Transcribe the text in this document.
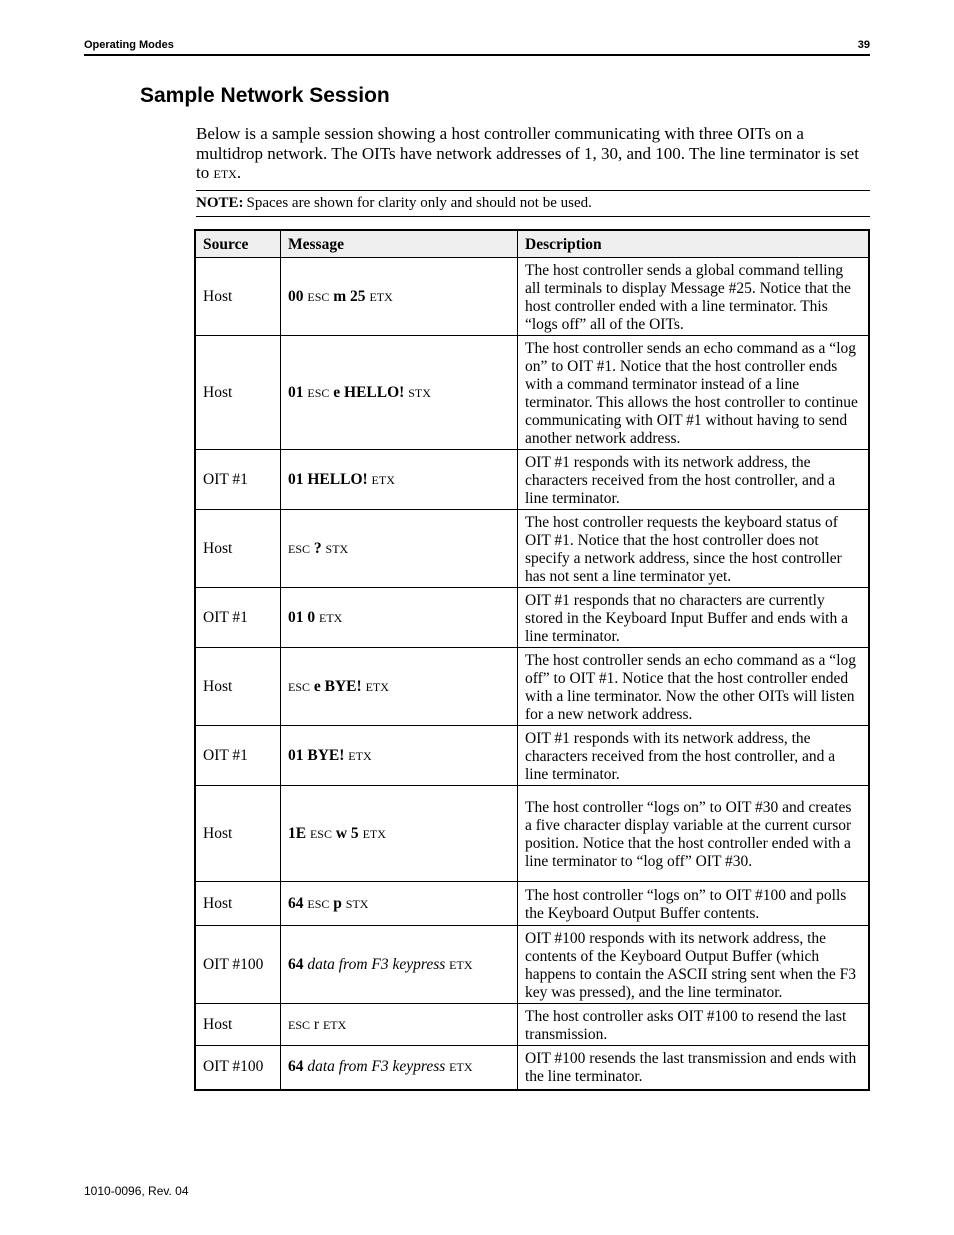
Operating Modes	39
Sample Network Session

Below is a sample session showing a host controller communicating with three OITs on a multidrop network. The OITs have network addresses of 1, 30, and 100. The line terminator is set to ETX.

NOTE: Spaces are shown for clarity only and should not be used.
Source	Message	Description
Host	00 ESC m 25 ETX	The host controller sends a global command telling all terminals to display Message #25. Notice that the host controller ended with a line terminator. This “logs off” all of the OITs.
Host	01 ESC e HELLO! STX	The host controller sends an echo command as a “log on” to OIT #1. Notice that the host controller ends with a command terminator instead of a line terminator. This allows the host controller to continue communicating with OIT #1 without having to send another network address.
OIT #1	01 HELLO! ETX	OIT #1 responds with its network address, the characters received from the host controller, and a line terminator.
Host	ESC ? STX	The host controller requests the keyboard status of OIT #1. Notice that the host controller does not specify a network address, since the host controller has not sent a line terminator yet.
OIT #1	01 0 ETX	OIT #1 responds that no characters are currently stored in the Keyboard Input Buffer and ends with a line terminator.
Host	ESC e BYE! ETX	The host controller sends an echo command as a “log off” to OIT #1. Notice that the host controller ended with a line terminator. Now the other OITs will listen for a new network address.
OIT #1	01 BYE! ETX	OIT #1 responds with its network address, the characters received from the host controller, and a line terminator.
Host	1E ESC w 5 ETX	The host controller “logs on” to OIT #30 and creates a five character display variable at the current cursor position. Notice that the host controller ended with a line terminator to “log off” OIT #30.
Host	64 ESC p STX	The host controller “logs on” to OIT #100 and polls the Keyboard Output Buffer contents.
OIT #100	64 data from F3 keypress ETX	OIT #100 responds with its network address, the contents of the Keyboard Output Buffer (which happens to contain the ASCII string sent when the F3 key was pressed), and the line terminator.
Host	ESC r ETX	The host controller asks OIT #100 to resend the last transmission.
OIT #100	64 data from F3 keypress ETX	OIT #100 resends the last transmission and ends with the line terminator.
1010-0096, Rev. 04
